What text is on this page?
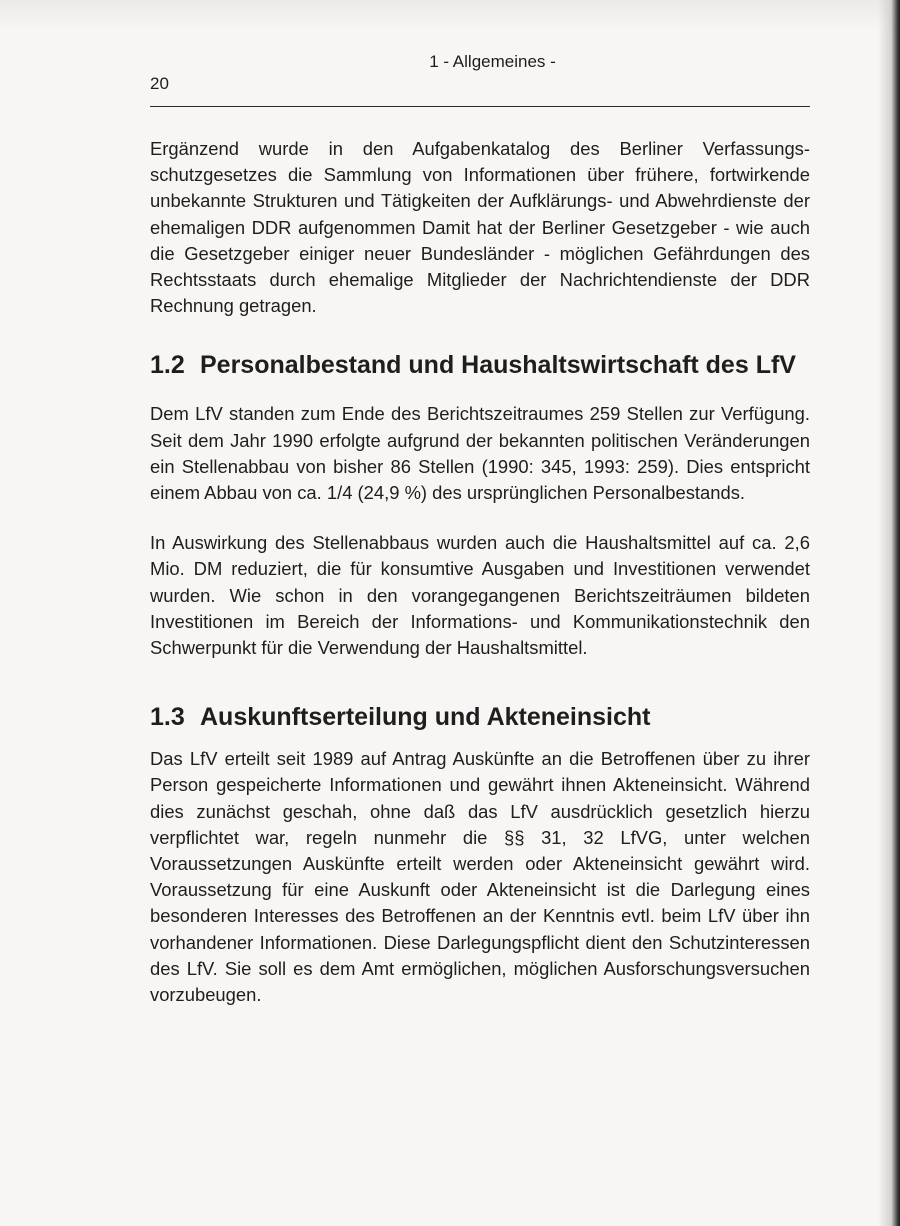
1 - Allgemeines -
20

Ergänzend wurde in den Aufgabenkatalog des Berliner Verfassungsschutzgesetzes die Sammlung von Informationen über frühere, fortwirkende unbekannte Strukturen und Tätigkeiten der Aufklärungs- und Abwehrdienste der ehemaligen DDR aufgenommen Damit hat der Berliner Gesetzgeber - wie auch die Gesetzgeber einiger neuer Bundesländer - möglichen Gefährdungen des Rechtsstaats durch ehemalige Mitglieder der Nachrichtendienste der DDR Rechnung getragen.

1.2 Personalbestand und Haushaltswirtschaft des LfV

Dem LfV standen zum Ende des Berichtszeitraumes 259 Stellen zur Verfügung. Seit dem Jahr 1990 erfolgte aufgrund der bekannten politischen Veränderungen ein Stellenabbau von bisher 86 Stellen (1990: 345, 1993: 259). Dies entspricht einem Abbau von ca. 1/4 (24,9 %) des ursprünglichen Personalbestands.

In Auswirkung des Stellenabbaus wurden auch die Haushaltsmittel auf ca. 2,6 Mio. DM reduziert, die für konsumtive Ausgaben und Investitionen verwendet wurden. Wie schon in den vorangegangenen Berichtszeiträumen bildeten Investitionen im Bereich der Informations- und Kommunikationstechnik den Schwerpunkt für die Verwendung der Haushaltsmittel.

1.3 Auskunftserteilung und Akteneinsicht

Das LfV erteilt seit 1989 auf Antrag Auskünfte an die Betroffenen über zu ihrer Person gespeicherte Informationen und gewährt ihnen Akteneinsicht. Während dies zunächst geschah, ohne daß das LfV ausdrücklich gesetzlich hierzu verpflichtet war, regeln nunmehr die §§ 31, 32 LfVG, unter welchen Voraussetzungen Auskünfte erteilt werden oder Akteneinsicht gewährt wird. Voraussetzung für eine Auskunft oder Akteneinsicht ist die Darlegung eines besonderen Interesses des Betroffenen an der Kenntnis evtl. beim LfV über ihn vorhandener Informationen. Diese Darlegungspflicht dient den Schutzinteressen des LfV. Sie soll es dem Amt ermöglichen, möglichen Ausforschungsversuchen vorzubeugen.
